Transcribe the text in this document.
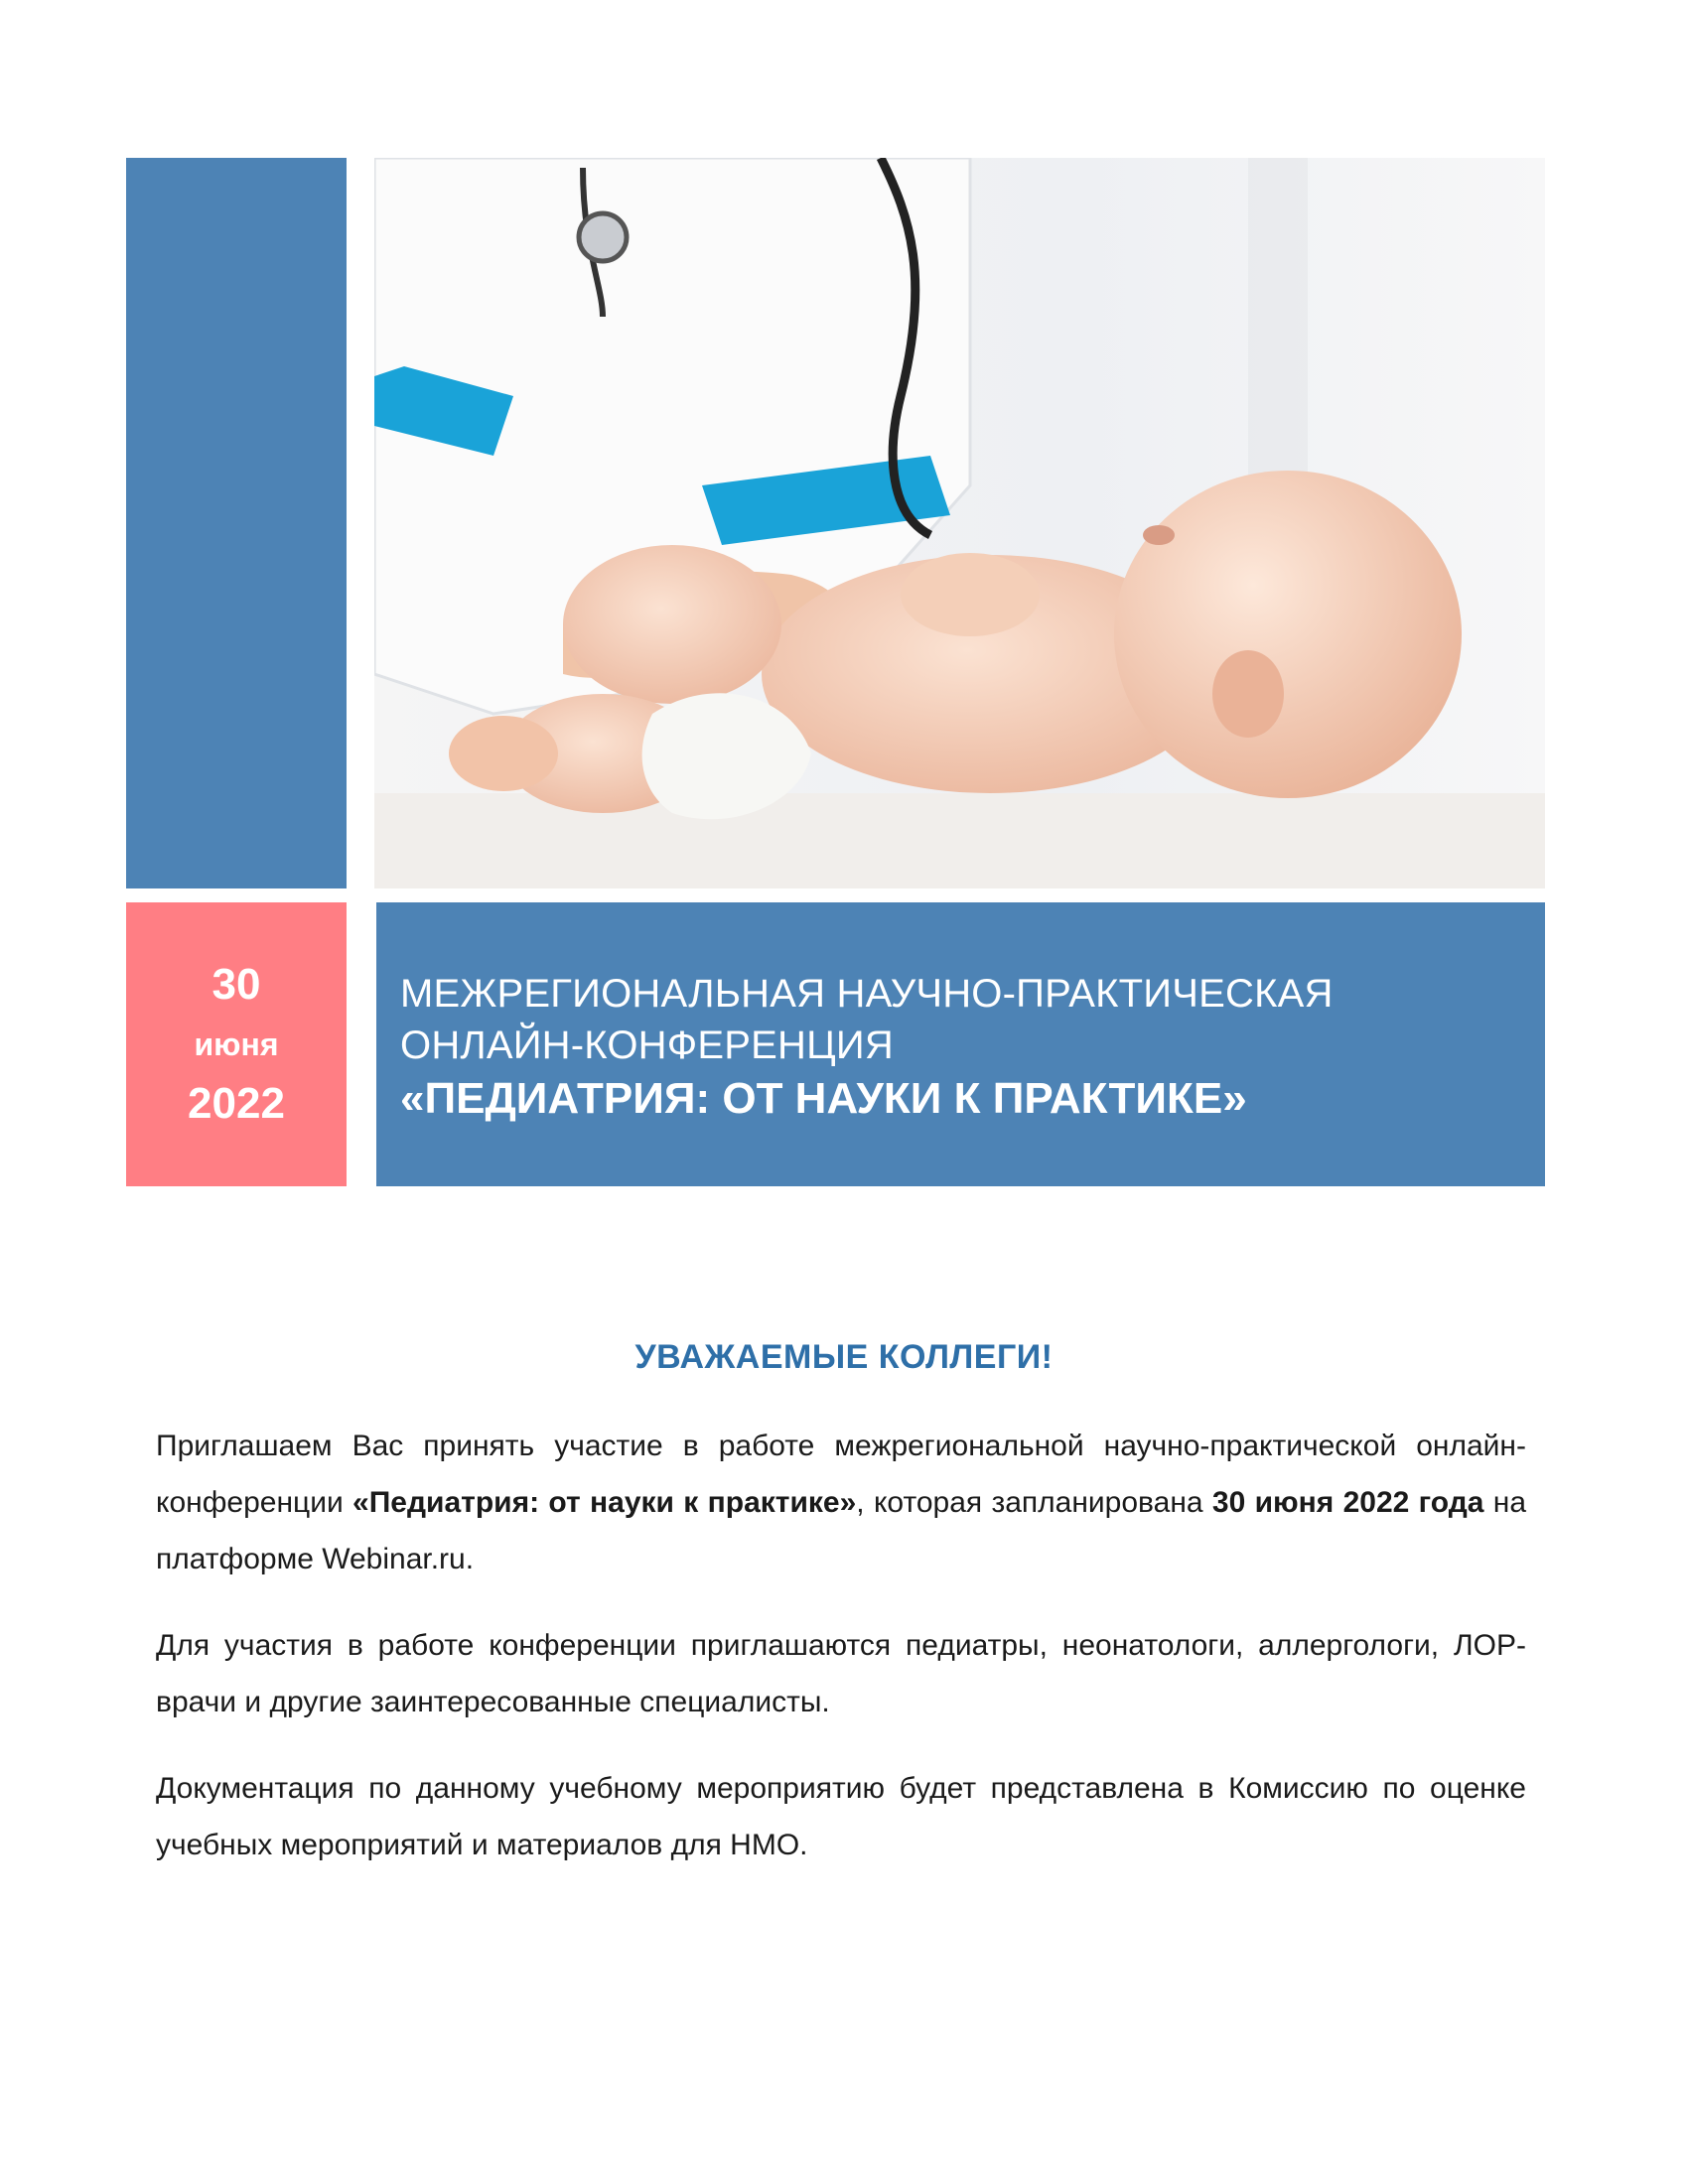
30
июня
2022
МЕЖРЕГИОНАЛЬНАЯ НАУЧНО-ПРАКТИЧЕСКАЯ
ОНЛАЙН-КОНФЕРЕНЦИЯ
«ПЕДИАТРИЯ: ОТ НАУКИ К ПРАКТИКЕ»
УВАЖАЕМЫЕ КОЛЛЕГИ!
Приглашаем Вас принять участие в работе межрегиональной научно-практической онлайн-конференции «Педиатрия: от науки к практике», которая запланирована 30 июня 2022 года на платформе Webinar.ru.
Для участия в работе конференции приглашаются педиатры, неонатологи, аллергологи, ЛОР-врачи и другие заинтересованные специалисты.
Документация по данному учебному мероприятию будет представлена в Комиссию по оценке учебных мероприятий и материалов для НМО.
